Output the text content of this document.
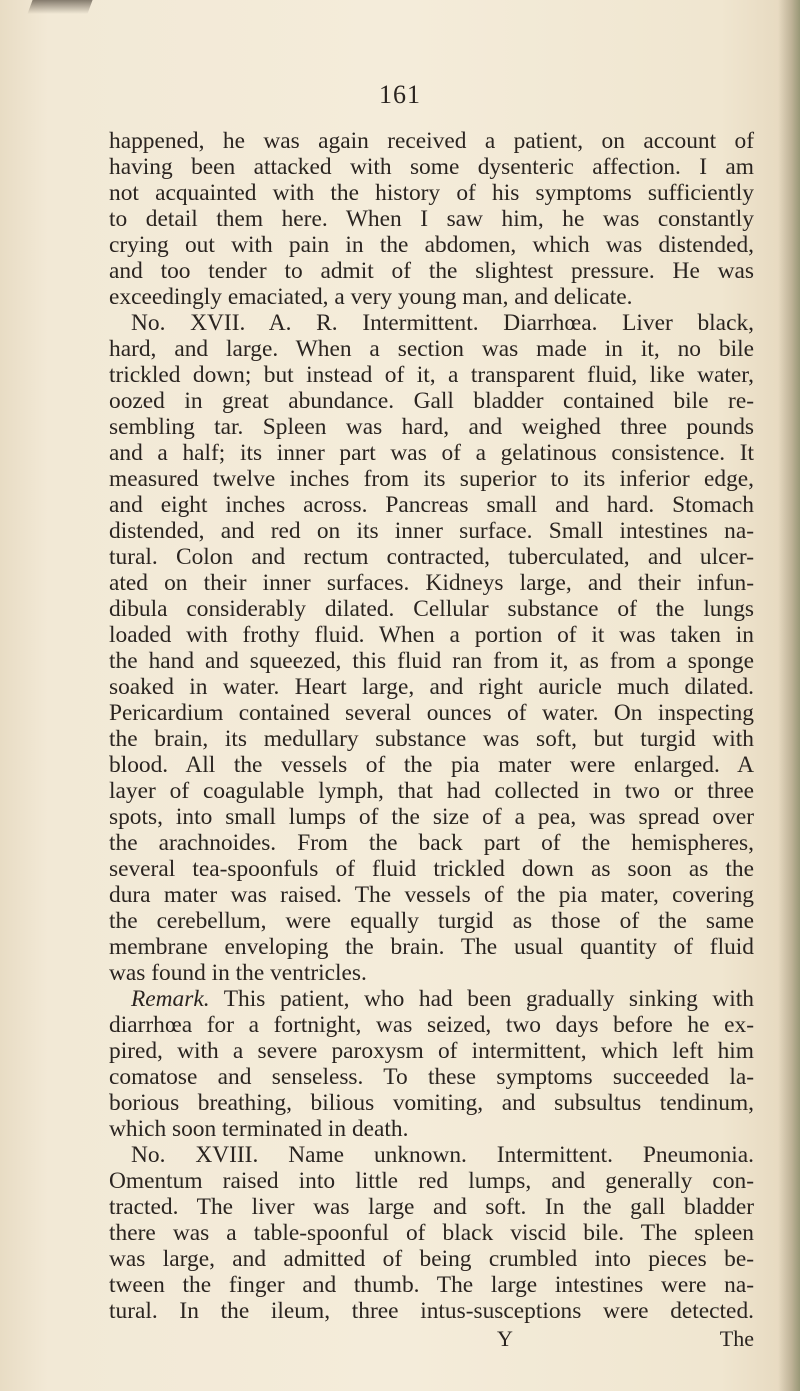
161
happened, he was again received a patient, on account of
having been attacked with some dysenteric affection. I am
not acquainted with the history of his symptoms sufficiently
to detail them here. When I saw him, he was constantly
crying out with pain in the abdomen, which was distended,
and too tender to admit of the slightest pressure. He was
exceedingly emaciated, a very young man, and delicate.
No. XVII. A. R. Intermittent. Diarrhœa. Liver black,
hard, and large. When a section was made in it, no bile
trickled down; but instead of it, a transparent fluid, like water,
oozed in great abundance. Gall bladder contained bile re-
sembling tar. Spleen was hard, and weighed three pounds
and a half; its inner part was of a gelatinous consistence. It
measured twelve inches from its superior to its inferior edge,
and eight inches across. Pancreas small and hard. Stomach
distended, and red on its inner surface. Small intestines na-
tural. Colon and rectum contracted, tuberculated, and ulcer-
ated on their inner surfaces. Kidneys large, and their infun-
dibula considerably dilated. Cellular substance of the lungs
loaded with frothy fluid. When a portion of it was taken in
the hand and squeezed, this fluid ran from it, as from a sponge
soaked in water. Heart large, and right auricle much dilated.
Pericardium contained several ounces of water. On inspecting
the brain, its medullary substance was soft, but turgid with
blood. All the vessels of the pia mater were enlarged. A
layer of coagulable lymph, that had collected in two or three
spots, into small lumps of the size of a pea, was spread over
the arachnoides. From the back part of the hemispheres,
several tea-spoonfuls of fluid trickled down as soon as the
dura mater was raised. The vessels of the pia mater, covering
the cerebellum, were equally turgid as those of the same
membrane enveloping the brain. The usual quantity of fluid
was found in the ventricles.
Remark. This patient, who had been gradually sinking with
diarrhœa for a fortnight, was seized, two days before he ex-
pired, with a severe paroxysm of intermittent, which left him
comatose and senseless. To these symptoms succeeded la-
borious breathing, bilious vomiting, and subsultus tendinum,
which soon terminated in death.
No. XVIII. Name unknown. Intermittent. Pneumonia.
Omentum raised into little red lumps, and generally con-
tracted. The liver was large and soft. In the gall bladder
there was a table-spoonful of black viscid bile. The spleen
was large, and admitted of being crumbled into pieces be-
tween the finger and thumb. The large intestines were na-
tural. In the ileum, three intus-susceptions were detected.
Y	The
